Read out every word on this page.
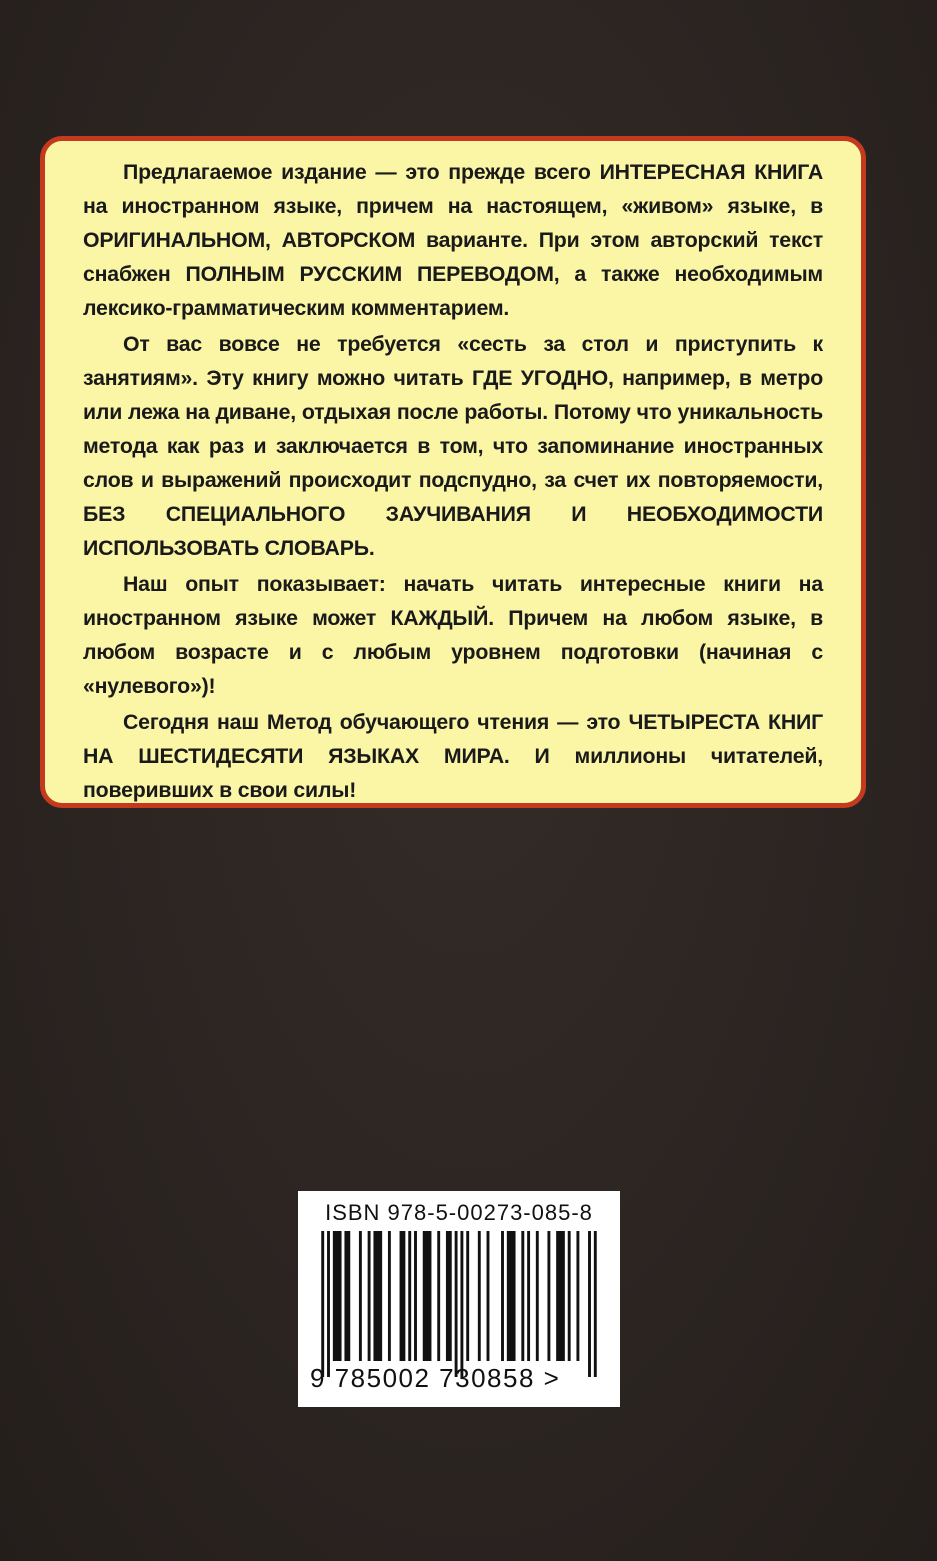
Предлагаемое издание — это прежде всего ИНТЕРЕСНАЯ КНИГА на иностранном языке, причем на настоящем, «живом» языке, в ОРИГИНАЛЬНОМ, АВТОРСКОМ варианте. При этом авторский текст снабжен ПОЛНЫМ РУССКИМ ПЕРЕВОДОМ, а также необходимым лексико-грамматическим комментарием.

От вас вовсе не требуется «сесть за стол и приступить к занятиям». Эту книгу можно читать ГДЕ УГОДНО, например, в метро или лежа на диване, отдыхая после работы. Потому что уникальность метода как раз и заключается в том, что запоминание иностранных слов и выражений происходит подспудно, за счет их повторяемости, БЕЗ СПЕЦИАЛЬНОГО ЗАУЧИВАНИЯ И НЕОБХОДИМОСТИ ИСПОЛЬЗОВАТЬ СЛОВАРЬ.

Наш опыт показывает: начать читать интересные книги на иностранном языке может КАЖДЫЙ. Причем на любом языке, в любом возрасте и с любым уровнем подготовки (начиная с «нулевого»)!

Сегодня наш Метод обучающего чтения — это ЧЕТЫРЕСТА КНИГ НА ШЕСТИДЕСЯТИ ЯЗЫКАХ МИРА. И миллионы читателей, поверивших в свои силы!

ISBN 978-5-00273-085-8
9 785002 730858 >
